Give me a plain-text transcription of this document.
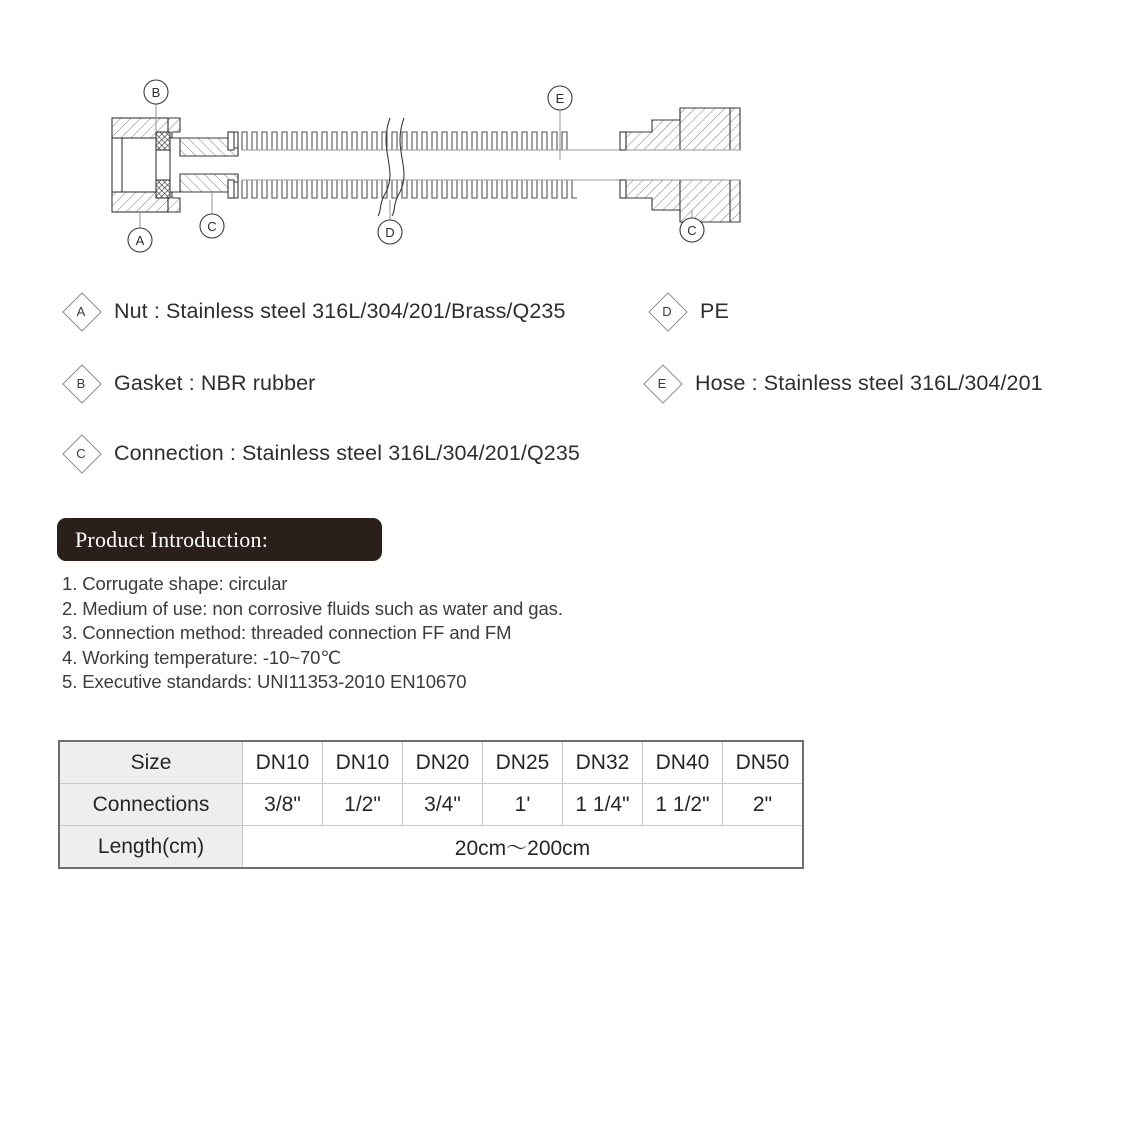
B	E
A
C	D	C
A	Nut : Stainless steel 316L/304/201/Brass/Q235
B	Gasket : NBR rubber
C	Connection : Stainless steel 316L/304/201/Q235
D	PE
E	Hose : Stainless steel 316L/304/201
Product Introduction:
1. Corrugate shape: circular
2. Medium of use: non corrosive fluids such as water and gas.
3. Connection method: threaded connection FF and FM
4. Working temperature: -10~70℃
5. Executive standards: UNI11353-2010 EN10670
Size	DN10	DN10	DN20	DN25	DN32	DN40	DN50
Connections	3/8"	1/2"	3/4"	1'	1 1/4"	1 1/2"	2"
Length(cm)	20cm～200cm						
